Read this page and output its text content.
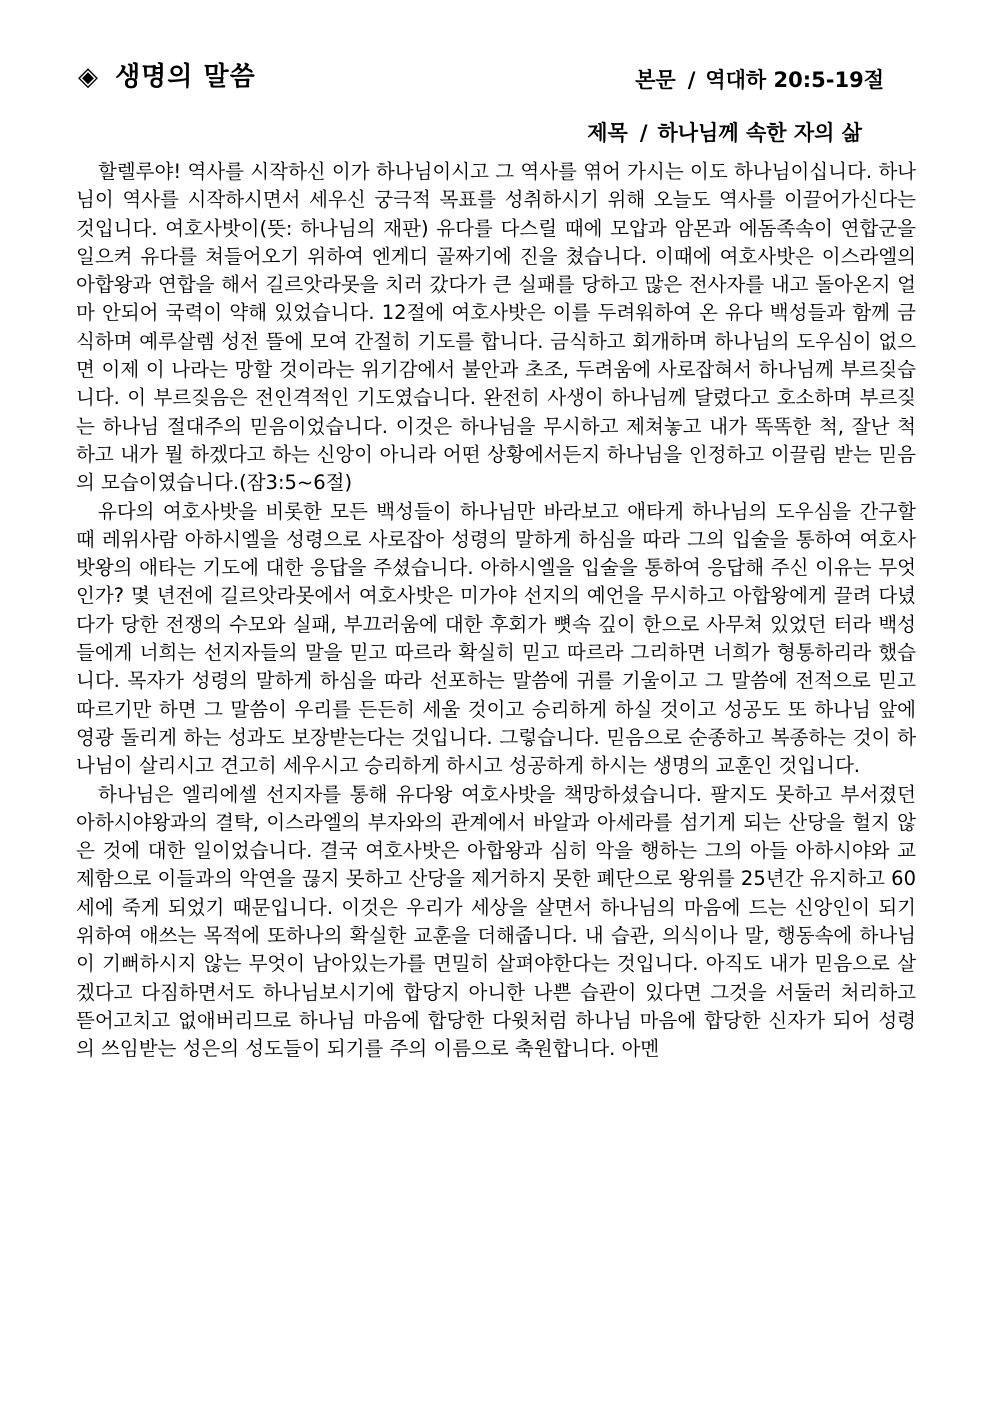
◈ 생명의 말씀	본문 / 역대하 20:5-19절
제목 / 하나님께 속한 자의 삶

할렐루야! 역사를 시작하신 이가 하나님이시고 그 역사를 엮어 가시는 이도 하나님이십니다. 하나님이 역사를 시작하시면서 세우신 궁극적 목표를 성취하시기 위해 오늘도 역사를 이끌어가신다는 것입니다. 여호사밧이(뜻: 하나님의 재판) 유다를 다스릴 때에 모압과 암몬과 에돔족속이 연합군을 일으켜 유다를 쳐들어오기 위하여 엔게디 골짜기에 진을 쳤습니다. 이때에 여호사밧은 이스라엘의 아합왕과 연합을 해서 길르앗라못을 치러 갔다가 큰 실패를 당하고 많은 전사자를 내고 돌아온지 얼마 안되어 국력이 약해 있었습니다. 12절에 여호사밧은 이를 두려워하여 온 유다 백성들과 함께 금식하며 예루살렘 성전 뜰에 모여 간절히 기도를 합니다. 금식하고 회개하며 하나님의 도우심이 없으면 이제 이 나라는 망할 것이라는 위기감에서 불안과 초조, 두려움에 사로잡혀서 하나님께 부르짖습니다. 이 부르짖음은 전인격적인 기도였습니다. 완전히 사생이 하나님께 달렸다고 호소하며 부르짖는 하나님 절대주의 믿음이었습니다. 이것은 하나님을 무시하고 제쳐놓고 내가 똑똑한 척, 잘난 척 하고 내가 뭘 하겠다고 하는 신앙이 아니라 어떤 상황에서든지 하나님을 인정하고 이끌림 받는 믿음의 모습이였습니다.(잠3:5~6절)

유다의 여호사밧을 비롯한 모든 백성들이 하나님만 바라보고 애타게 하나님의 도우심을 간구할 때 레위사람 아하시엘을 성령으로 사로잡아 성령의 말하게 하심을 따라 그의 입술을 통하여 여호사밧왕의 애타는 기도에 대한 응답을 주셨습니다. 아하시엘을 입술을 통하여 응답해 주신 이유는 무엇인가? 몇 년전에 길르앗라못에서 여호사밧은 미가야 선지의 예언을 무시하고 아합왕에게 끌려 다녔다가 당한 전쟁의 수모와 실패, 부끄러움에 대한 후회가 뼛속 깊이 한으로 사무쳐 있었던 터라 백성들에게 너희는 선지자들의 말을 믿고 따르라 확실히 믿고 따르라 그리하면 너희가 형통하리라 했습니다. 목자가 성령의 말하게 하심을 따라 선포하는 말씀에 귀를 기울이고 그 말씀에 전적으로 믿고 따르기만 하면 그 말씀이 우리를 든든히 세울 것이고 승리하게 하실 것이고 성공도 또 하나님 앞에 영광 돌리게 하는 성과도 보장받는다는 것입니다. 그렇습니다. 믿음으로 순종하고 복종하는 것이 하나님이 살리시고 견고히 세우시고 승리하게 하시고 성공하게 하시는 생명의 교훈인 것입니다.

하나님은 엘리에셀 선지자를 통해 유다왕 여호사밧을 책망하셨습니다. 팔지도 못하고 부서졌던 아하시야왕과의 결탁, 이스라엘의 부자와의 관계에서 바알과 아세라를 섬기게 되는 산당을 헐지 않은 것에 대한 일이었습니다. 결국 여호사밧은 아합왕과 심히 악을 행하는 그의 아들 아하시야와 교제함으로 이들과의 악연을 끊지 못하고 산당을 제거하지 못한 폐단으로 왕위를 25년간 유지하고 60세에 죽게 되었기 때문입니다. 이것은 우리가 세상을 살면서 하나님의 마음에 드는 신앙인이 되기 위하여 애쓰는 목적에 또하나의 확실한 교훈을 더해줍니다. 내 습관, 의식이나 말, 행동속에 하나님이 기뻐하시지 않는 무엇이 남아있는가를 면밀히 살펴야한다는 것입니다. 아직도 내가 믿음으로 살겠다고 다짐하면서도 하나님보시기에 합당지 아니한 나쁜 습관이 있다면 그것을 서둘러 처리하고 뜯어고치고 없애버리므로 하나님 마음에 합당한 다윗처럼 하나님 마음에 합당한 신자가 되어 성령의 쓰임받는 성은의 성도들이 되기를 주의 이름으로 축원합니다. 아멘
